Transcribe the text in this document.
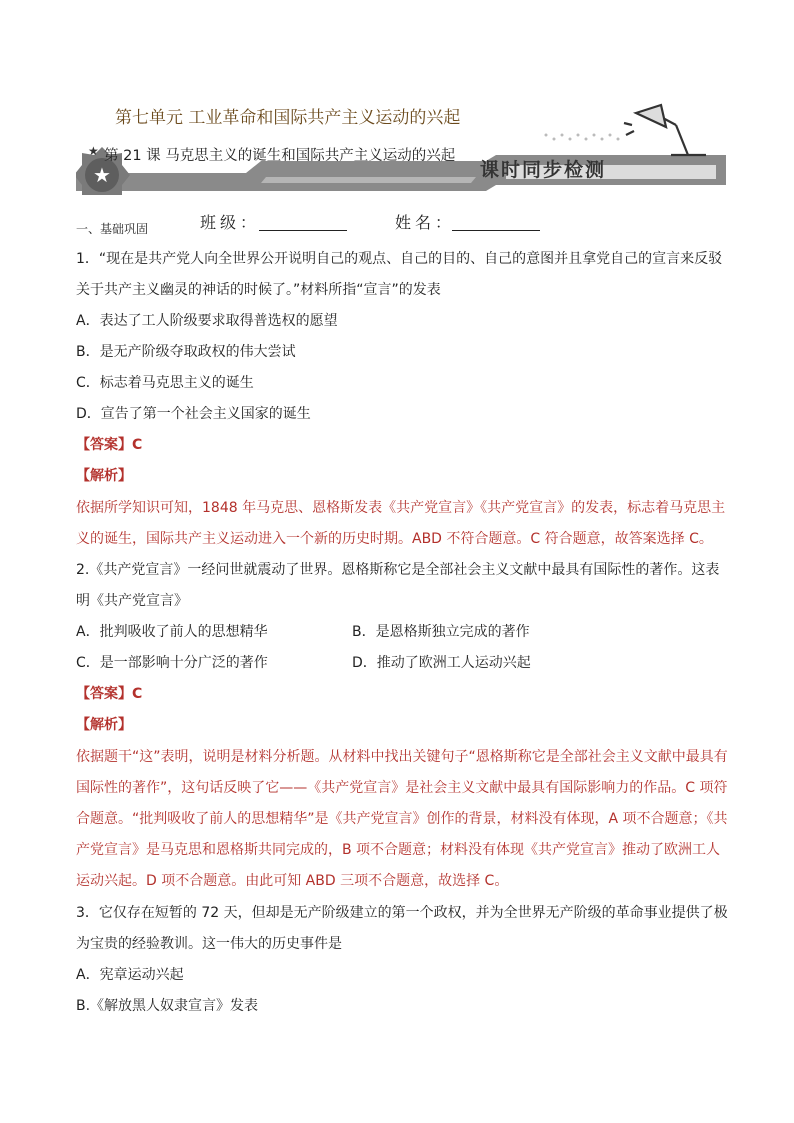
★
第七单元 工业革命和国际共产主义运动的兴起
★ 第 21 课 马克思主义的诞生和国际共产主义运动的兴起
课时同步检测
一、基础巩固	班级：	姓名：
1．“现在是共产党人向全世界公开说明自己的观点、自己的目的、自己的意图并且拿党自己的宣言来反驳
关于共产主义幽灵的神话的时候了。”材料所指“宣言”的发表
A．表达了工人阶级要求取得普选权的愿望
B．是无产阶级夺取政权的伟大尝试
C．标志着马克思主义的诞生
D．宣告了第一个社会主义国家的诞生
【答案】C
【解析】
依据所学知识可知，1848 年马克思、恩格斯发表《共产党宣言》《共产党宣言》的发表，标志着马克思主
义的诞生，国际共产主义运动进入一个新的历史时期。ABD 不符合题意。C 符合题意，故答案选择 C。
2.《共产党宣言》一经问世就震动了世界。恩格斯称它是全部社会主义文献中最具有国际性的著作。这表
明《共产党宣言》
A．批判吸收了前人的思想精华	B．是恩格斯独立完成的著作
C．是一部影响十分广泛的著作	D．推动了欧洲工人运动兴起
【答案】C
【解析】
依据题干“这”表明，说明是材料分析题。从材料中找出关键句子“恩格斯称它是全部社会主义文献中最具有
国际性的著作”，这句话反映了它——《共产党宣言》是社会主义文献中最具有国际影响力的作品。C 项符
合题意。“批判吸收了前人的思想精华”是《共产党宣言》创作的背景，材料没有体现，A 项不合题意；《共
产党宣言》是马克思和恩格斯共同完成的，B 项不合题意；材料没有体现《共产党宣言》推动了欧洲工人
运动兴起。D 项不合题意。由此可知 ABD 三项不合题意，故选择 C。
3．它仅存在短暂的 72 天，但却是无产阶级建立的第一个政权，并为全世界无产阶级的革命事业提供了极
为宝贵的经验教训。这一伟大的历史事件是
A．宪章运动兴起
B.《解放黑人奴隶宣言》发表
